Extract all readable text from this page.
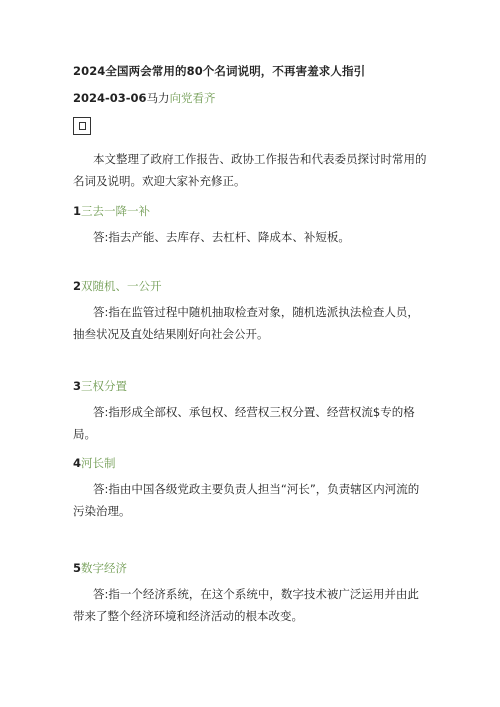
2024全国两会常用的80个名词说明，不再害羞求人指引
2024-03-06马力向党看齐
本文整理了政府工作报告、政协工作报告和代表委员探讨时常用的名词及说明。欢迎大家补充修正。
1三去一降一补
答:指去产能、去库存、去杠杆、降成本、补短板。
2双随机、一公开
答:指在监管过程中随机抽取检查对象，随机选派执法检查人员，抽叁状况及直处结果刚好向社会公开。
3三权分置
答:指形成全部权、承包权、经营权三权分置、经营权流$专的格局。
4河长制
答:指由中国各级党政主要负责人担当“河长”，负责辖区内河流的污染治理。
5数字经济
答:指一个经济系统，在这个系统中，数字技术被广泛运用并由此带来了整个经济环境和经济活动的根本改变。
